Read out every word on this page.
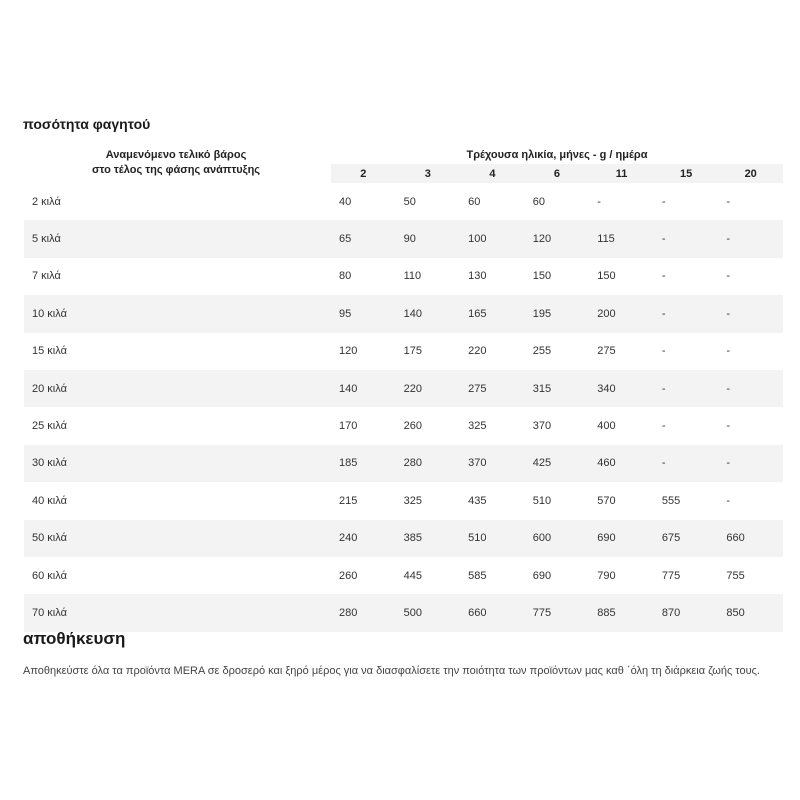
ποσότητα φαγητού
Αναμενόμενο τελικό βάρος
στο τέλος της φάσης ανάπτυξης
Τρέχουσα ηλικία, μήνες - g / ημέρα
	2	3	4	6	11	15	20
2 κιλά	40	50	60	60	-	-	-
5 κιλά	65	90	100	120	115	-	-
7 κιλά	80	110	130	150	150	-	-
10 κιλά	95	140	165	195	200	-	-
15 κιλά	120	175	220	255	275	-	-
20 κιλά	140	220	275	315	340	-	-
25 κιλά	170	260	325	370	400	-	-
30 κιλά	185	280	370	425	460	-	-
40 κιλά	215	325	435	510	570	555	-
50 κιλά	240	385	510	600	690	675	660
60 κιλά	260	445	585	690	790	775	755
70 κιλά	280	500	660	775	885	870	850
αποθήκευση
Αποθηκεύστε όλα τα προϊόντα MERA σε δροσερό και ξηρό μέρος για να διασφαλίσετε την ποιότητα των προϊόντων μας καθ ΄όλη τη διάρκεια ζωής τους.
